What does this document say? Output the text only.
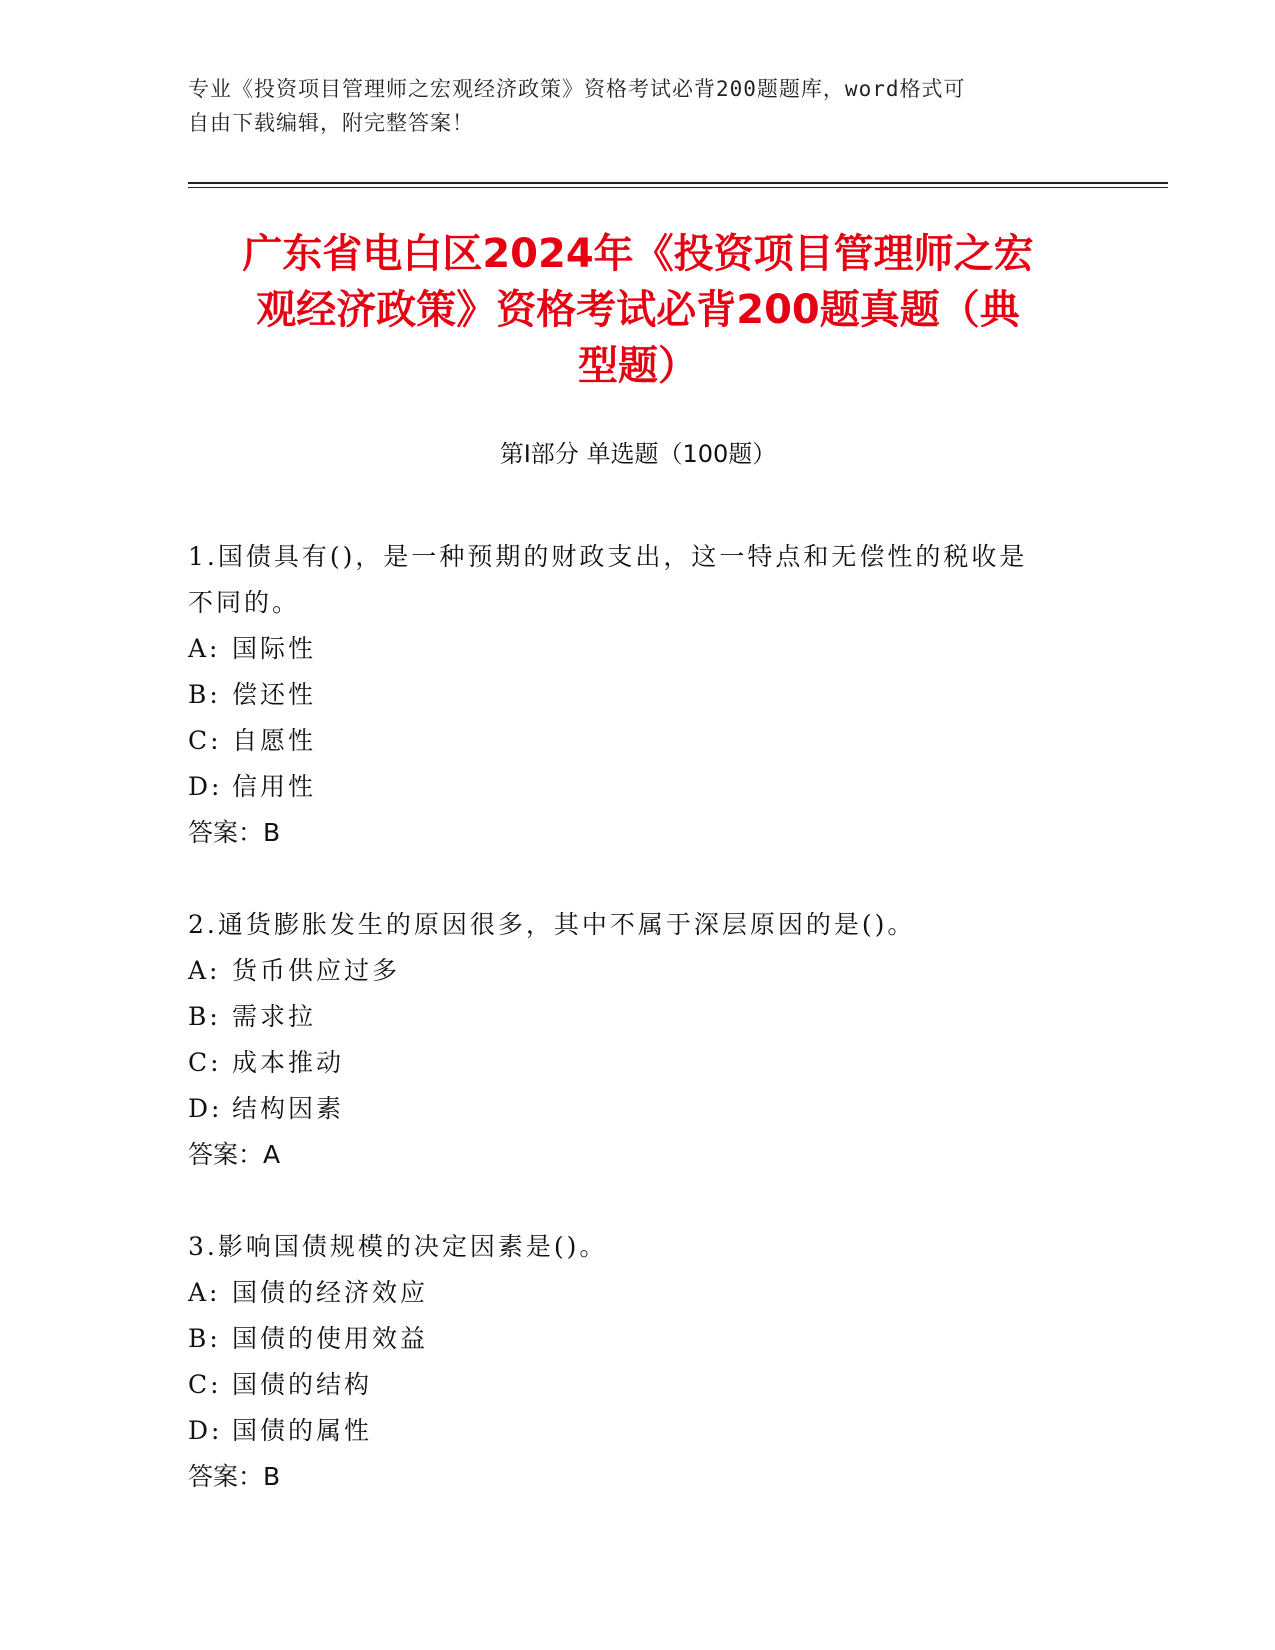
专业《投资项目管理师之宏观经济政策》资格考试必背200题题库，word格式可
自由下载编辑，附完整答案！
广东省电白区2024年《投资项目管理师之宏
观经济政策》资格考试必背200题真题（典
型题）
第Ⅰ部分 单选题（100题）

1.国债具有()，是一种预期的财政支出，这一特点和无偿性的税收是
不同的。

A: 国际性

B: 偿还性

C: 自愿性

D: 信用性

答案：B

2.通货膨胀发生的原因很多，其中不属于深层原因的是()。

A: 货币供应过多

B: 需求拉

C: 成本推动

D: 结构因素

答案：A

3.影响国债规模的决定因素是()。

A: 国债的经济效应

B: 国债的使用效益

C: 国债的结构

D: 国债的属性

答案：B
